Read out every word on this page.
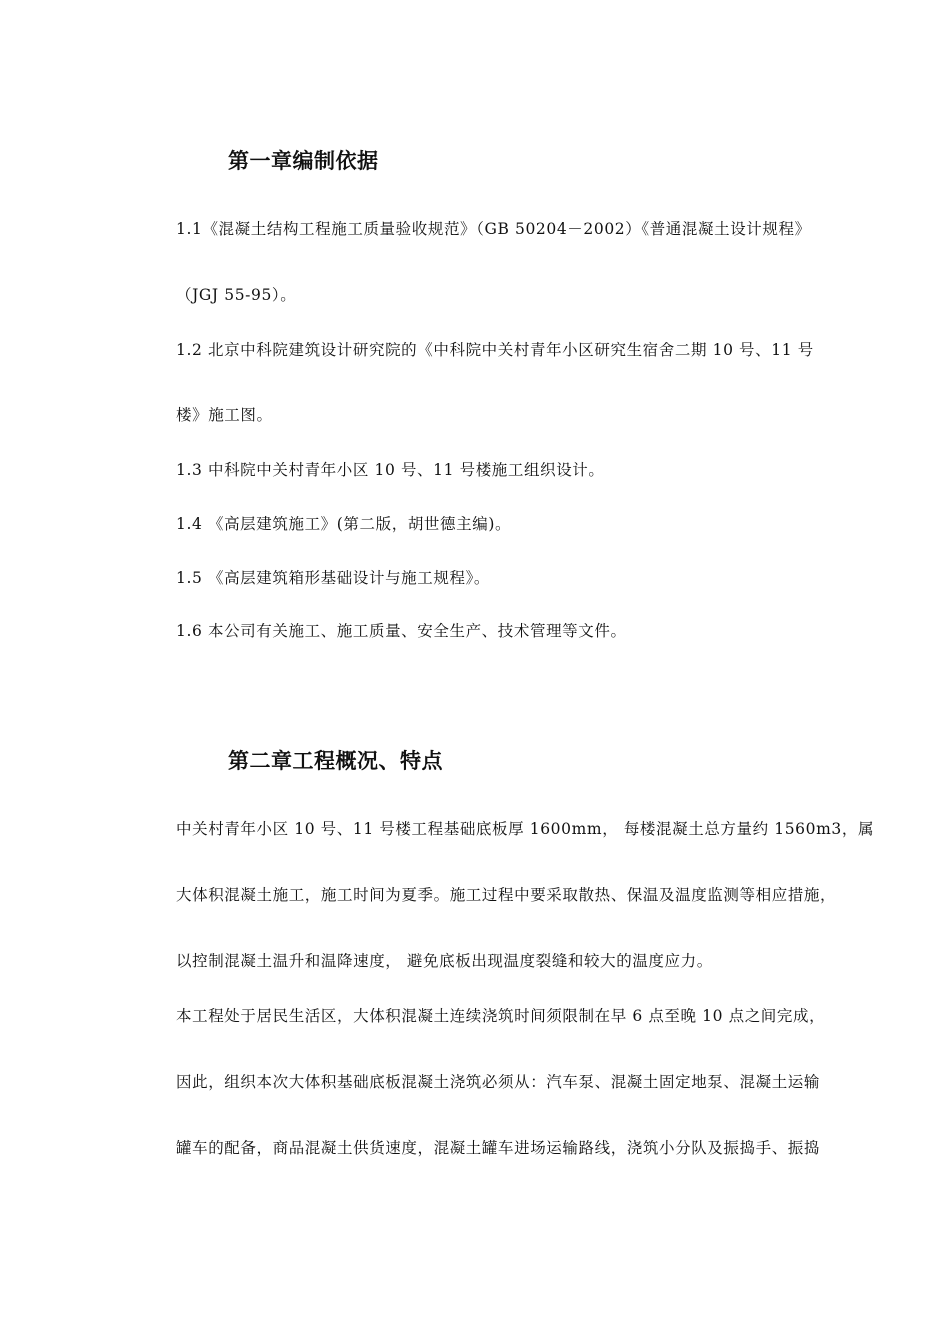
第一章编制依据
1.1《混凝土结构工程施工质量验收规范》（GB 50204－2002）《普通混凝土设计规程》
（JGJ 55-95）。
1.2 北京中科院建筑设计研究院的《中科院中关村青年小区研究生宿舍二期 10 号、11 号
楼》施工图。
1.3 中科院中关村青年小区 10 号、11 号楼施工组织设计。
1.4 《高层建筑施工》(第二版，胡世德主编)。
1.5 《高层建筑箱形基础设计与施工规程》。
1.6 本公司有关施工、施工质量、安全生产、技术管理等文件。
第二章工程概况、特点
中关村青年小区 10 号、11 号楼工程基础底板厚 1600mm， 每楼混凝土总方量约 1560m3，属
大体积混凝土施工，施工时间为夏季。施工过程中要采取散热、保温及温度监测等相应措施，
以控制混凝土温升和温降速度， 避免底板出现温度裂缝和较大的温度应力。
本工程处于居民生活区，大体积混凝土连续浇筑时间须限制在早 6 点至晚 10 点之间完成，
因此，组织本次大体积基础底板混凝土浇筑必须从：汽车泵、混凝土固定地泵、混凝土运输
罐车的配备，商品混凝土供货速度，混凝土罐车进场运输路线，浇筑小分队及振捣手、振捣
